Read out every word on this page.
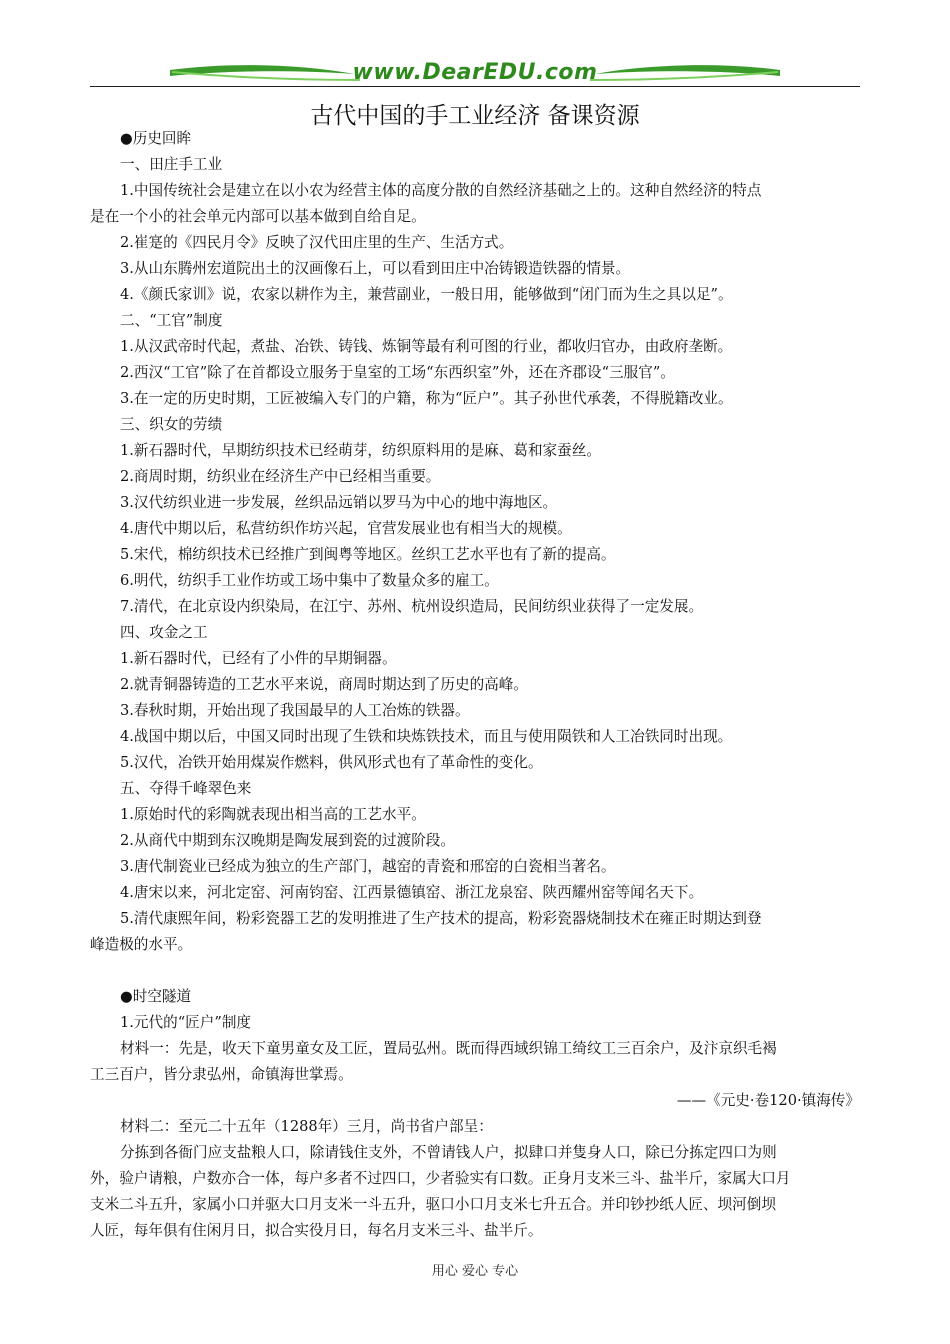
www.DearEDU.com
古代中国的手工业经济 备课资源
●历史回眸
一、田庄手工业
1.中国传统社会是建立在以小农为经营主体的高度分散的自然经济基础之上的。这种自然经济的特点
是在一个小的社会单元内部可以基本做到自给自足。
2.崔寔的《四民月令》反映了汉代田庄里的生产、生活方式。
3.从山东腾州宏道院出土的汉画像石上，可以看到田庄中冶铸锻造铁器的情景。
4.《颜氏家训》说，农家以耕作为主，兼营副业，一般日用，能够做到“闭门而为生之具以足”。
二、“工官”制度
1.从汉武帝时代起，煮盐、冶铁、铸钱、炼铜等最有利可图的行业，都收归官办，由政府垄断。
2.西汉“工官”除了在首都设立服务于皇室的工场“东西织室”外，还在齐郡设“三服官”。
3.在一定的历史时期，工匠被编入专门的户籍，称为“匠户”。其子孙世代承袭，不得脱籍改业。
三、织女的劳绩
1.新石器时代，早期纺织技术已经萌芽，纺织原料用的是麻、葛和家蚕丝。
2.商周时期，纺织业在经济生产中已经相当重要。
3.汉代纺织业进一步发展，丝织品远销以罗马为中心的地中海地区。
4.唐代中期以后，私营纺织作坊兴起，官营发展业也有相当大的规模。
5.宋代，棉纺织技术已经推广到闽粤等地区。丝织工艺水平也有了新的提高。
6.明代，纺织手工业作坊或工场中集中了数量众多的雇工。
7.清代，在北京设内织染局，在江宁、苏州、杭州设织造局，民间纺织业获得了一定发展。
四、攻金之工
1.新石器时代，已经有了小件的早期铜器。
2.就青铜器铸造的工艺水平来说，商周时期达到了历史的高峰。
3.春秋时期，开始出现了我国最早的人工冶炼的铁器。
4.战国中期以后，中国又同时出现了生铁和块炼铁技术，而且与使用陨铁和人工冶铁同时出现。
5.汉代，冶铁开始用煤炭作燃料，供风形式也有了革命性的变化。
五、夺得千峰翠色来
1.原始时代的彩陶就表现出相当高的工艺水平。
2.从商代中期到东汉晚期是陶发展到瓷的过渡阶段。
3.唐代制瓷业已经成为独立的生产部门，越窑的青瓷和邢窑的白瓷相当著名。
4.唐宋以来，河北定窑、河南钧窑、江西景德镇窑、浙江龙泉窑、陕西耀州窑等闻名天下。
5.清代康熙年间，粉彩瓷器工艺的发明推进了生产技术的提高，粉彩瓷器烧制技术在雍正时期达到登
峰造极的水平。
●时空隧道
1.元代的“匠户”制度
材料一：先是，收天下童男童女及工匠，置局弘州。既而得西域织锦工绮纹工三百余户，及汴京织毛褐
工三百户，皆分隶弘州，命镇海世掌焉。
——《元史·卷120·镇海传》
材料二：至元二十五年（1288年）三月，尚书省户部呈：
分拣到各衙门应支盐粮人口，除请钱住支外，不曾请钱人户，拟肆口并隻身人口，除已分拣定四口为则
外，验户请粮，户数亦合一体，每户多者不过四口，少者验实有口数。正身月支米三斗、盐半斤，家属大口月
支米二斗五升，家属小口并驱大口月支米一斗五升，驱口小口月支米七升五合。并印钞抄纸人匠、坝河倒坝
人匠，每年俱有住闲月日，拟合实役月日，每名月支米三斗、盐半斤。
用心 爱心 专心
